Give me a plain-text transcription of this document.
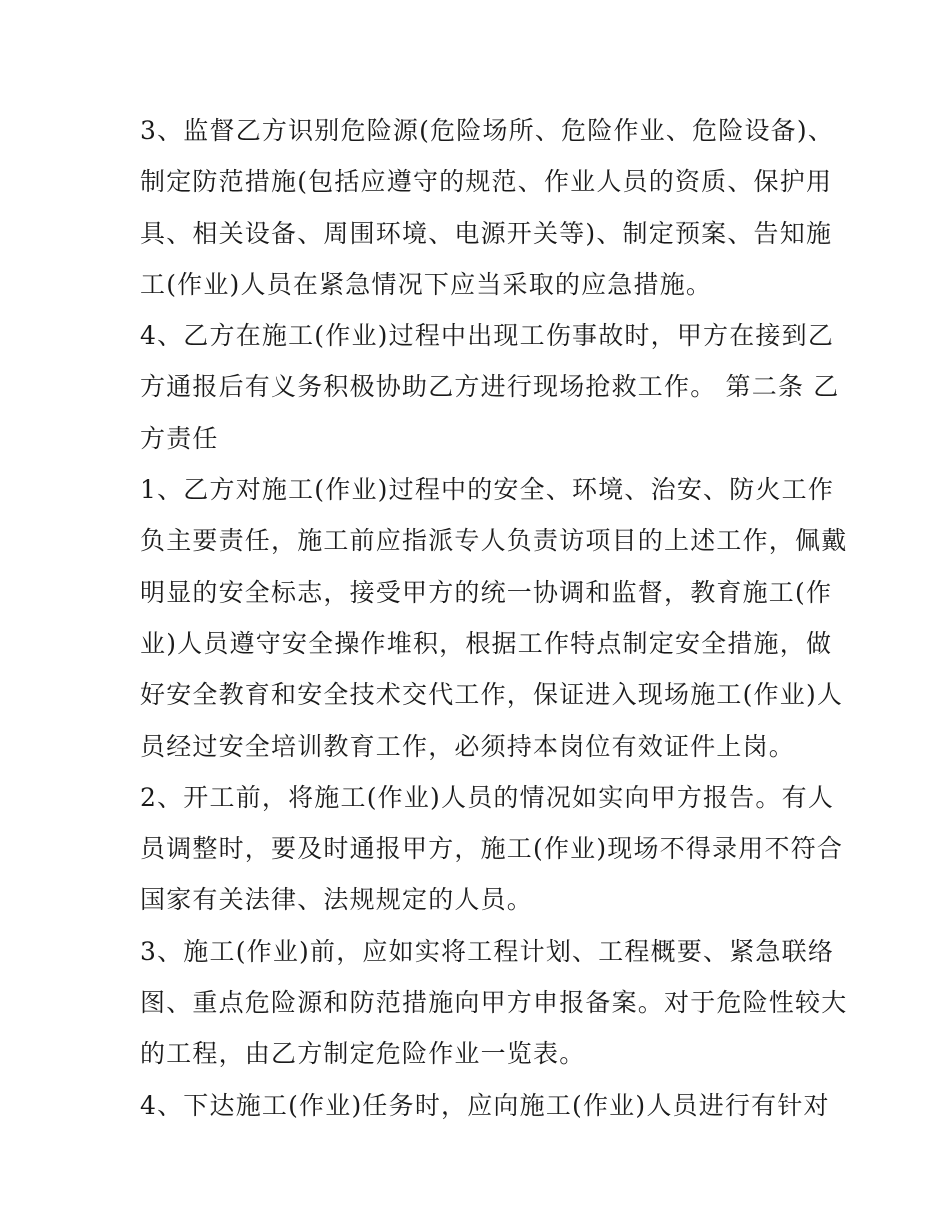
3、监督乙方识别危险源(危险场所、危险作业、危险设备)、
制定防范措施(包括应遵守的规范、作业人员的资质、保护用
具、相关设备、周围环境、电源开关等)、制定预案、告知施
工(作业)人员在紧急情况下应当采取的应急措施。
4、乙方在施工(作业)过程中出现工伤事故时，甲方在接到乙
方通报后有义务积极协助乙方进行现场抢救工作。 第二条 乙
方责任
1、乙方对施工(作业)过程中的安全、环境、治安、防火工作
负主要责任，施工前应指派专人负责访项目的上述工作，佩戴
明显的安全标志，接受甲方的统一协调和监督，教育施工(作
业)人员遵守安全操作堆积，根据工作特点制定安全措施，做
好安全教育和安全技术交代工作，保证进入现场施工(作业)人
员经过安全培训教育工作，必须持本岗位有效证件上岗。
2、开工前，将施工(作业)人员的情况如实向甲方报告。有人
员调整时，要及时通报甲方，施工(作业)现场不得录用不符合
国家有关法律、法规规定的人员。
3、施工(作业)前，应如实将工程计划、工程概要、紧急联络
图、重点危险源和防范措施向甲方申报备案。对于危险性较大
的工程，由乙方制定危险作业一览表。
4、下达施工(作业)任务时，应向施工(作业)人员进行有针对
